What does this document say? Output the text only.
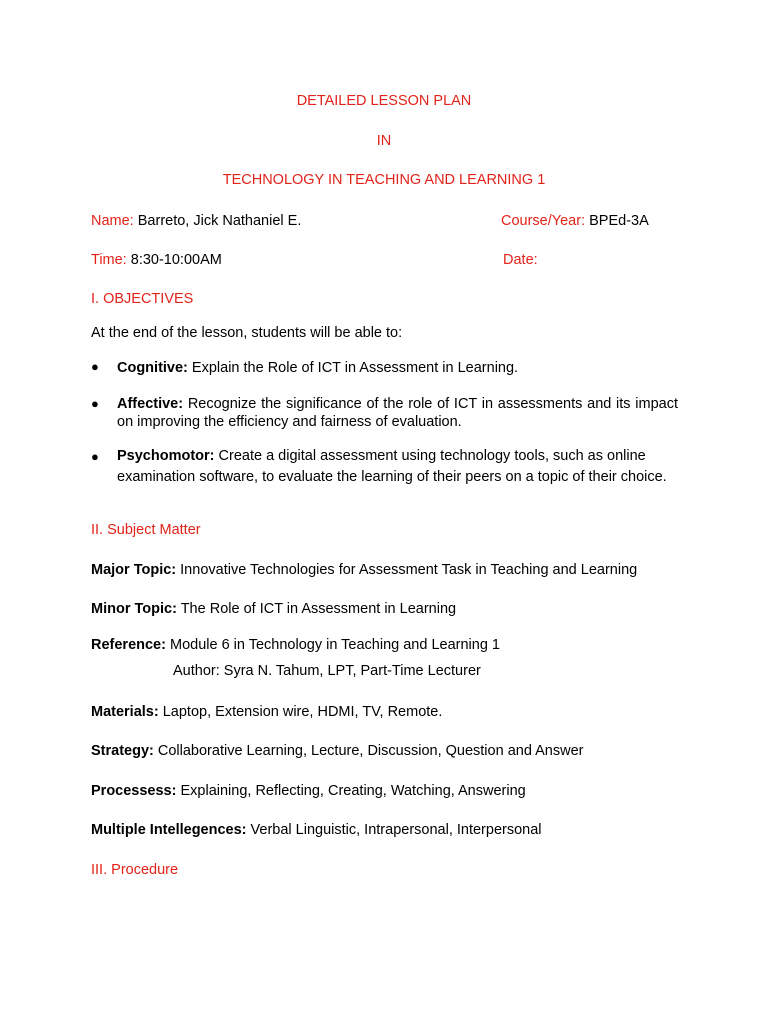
DETAILED LESSON PLAN
IN
TECHNOLOGY IN TEACHING AND LEARNING 1
Name: Barreto, Jick Nathaniel E.	Course/Year: BPEd-3A
Time: 8:30-10:00AM	Date:
I. OBJECTIVES
At the end of the lesson, students will be able to:
● Cognitive: Explain the Role of ICT in Assessment in Learning.
● Affective: Recognize the significance of the role of ICT in assessments and its impact on improving the efficiency and fairness of evaluation.
● Psychomotor: Create a digital assessment using technology tools, such as online examination software, to evaluate the learning of their peers on a topic of their choice.
II. Subject Matter
Major Topic: Innovative Technologies for Assessment Task in Teaching and Learning
Minor Topic: The Role of ICT in Assessment in Learning
Reference: Module 6 in Technology in Teaching and Learning 1
Author: Syra N. Tahum, LPT, Part-Time Lecturer
Materials: Laptop, Extension wire, HDMI, TV, Remote.
Strategy: Collaborative Learning, Lecture, Discussion, Question and Answer
Processess: Explaining, Reflecting, Creating, Watching, Answering
Multiple Intellegences: Verbal Linguistic, Intrapersonal, Interpersonal
III. Procedure
